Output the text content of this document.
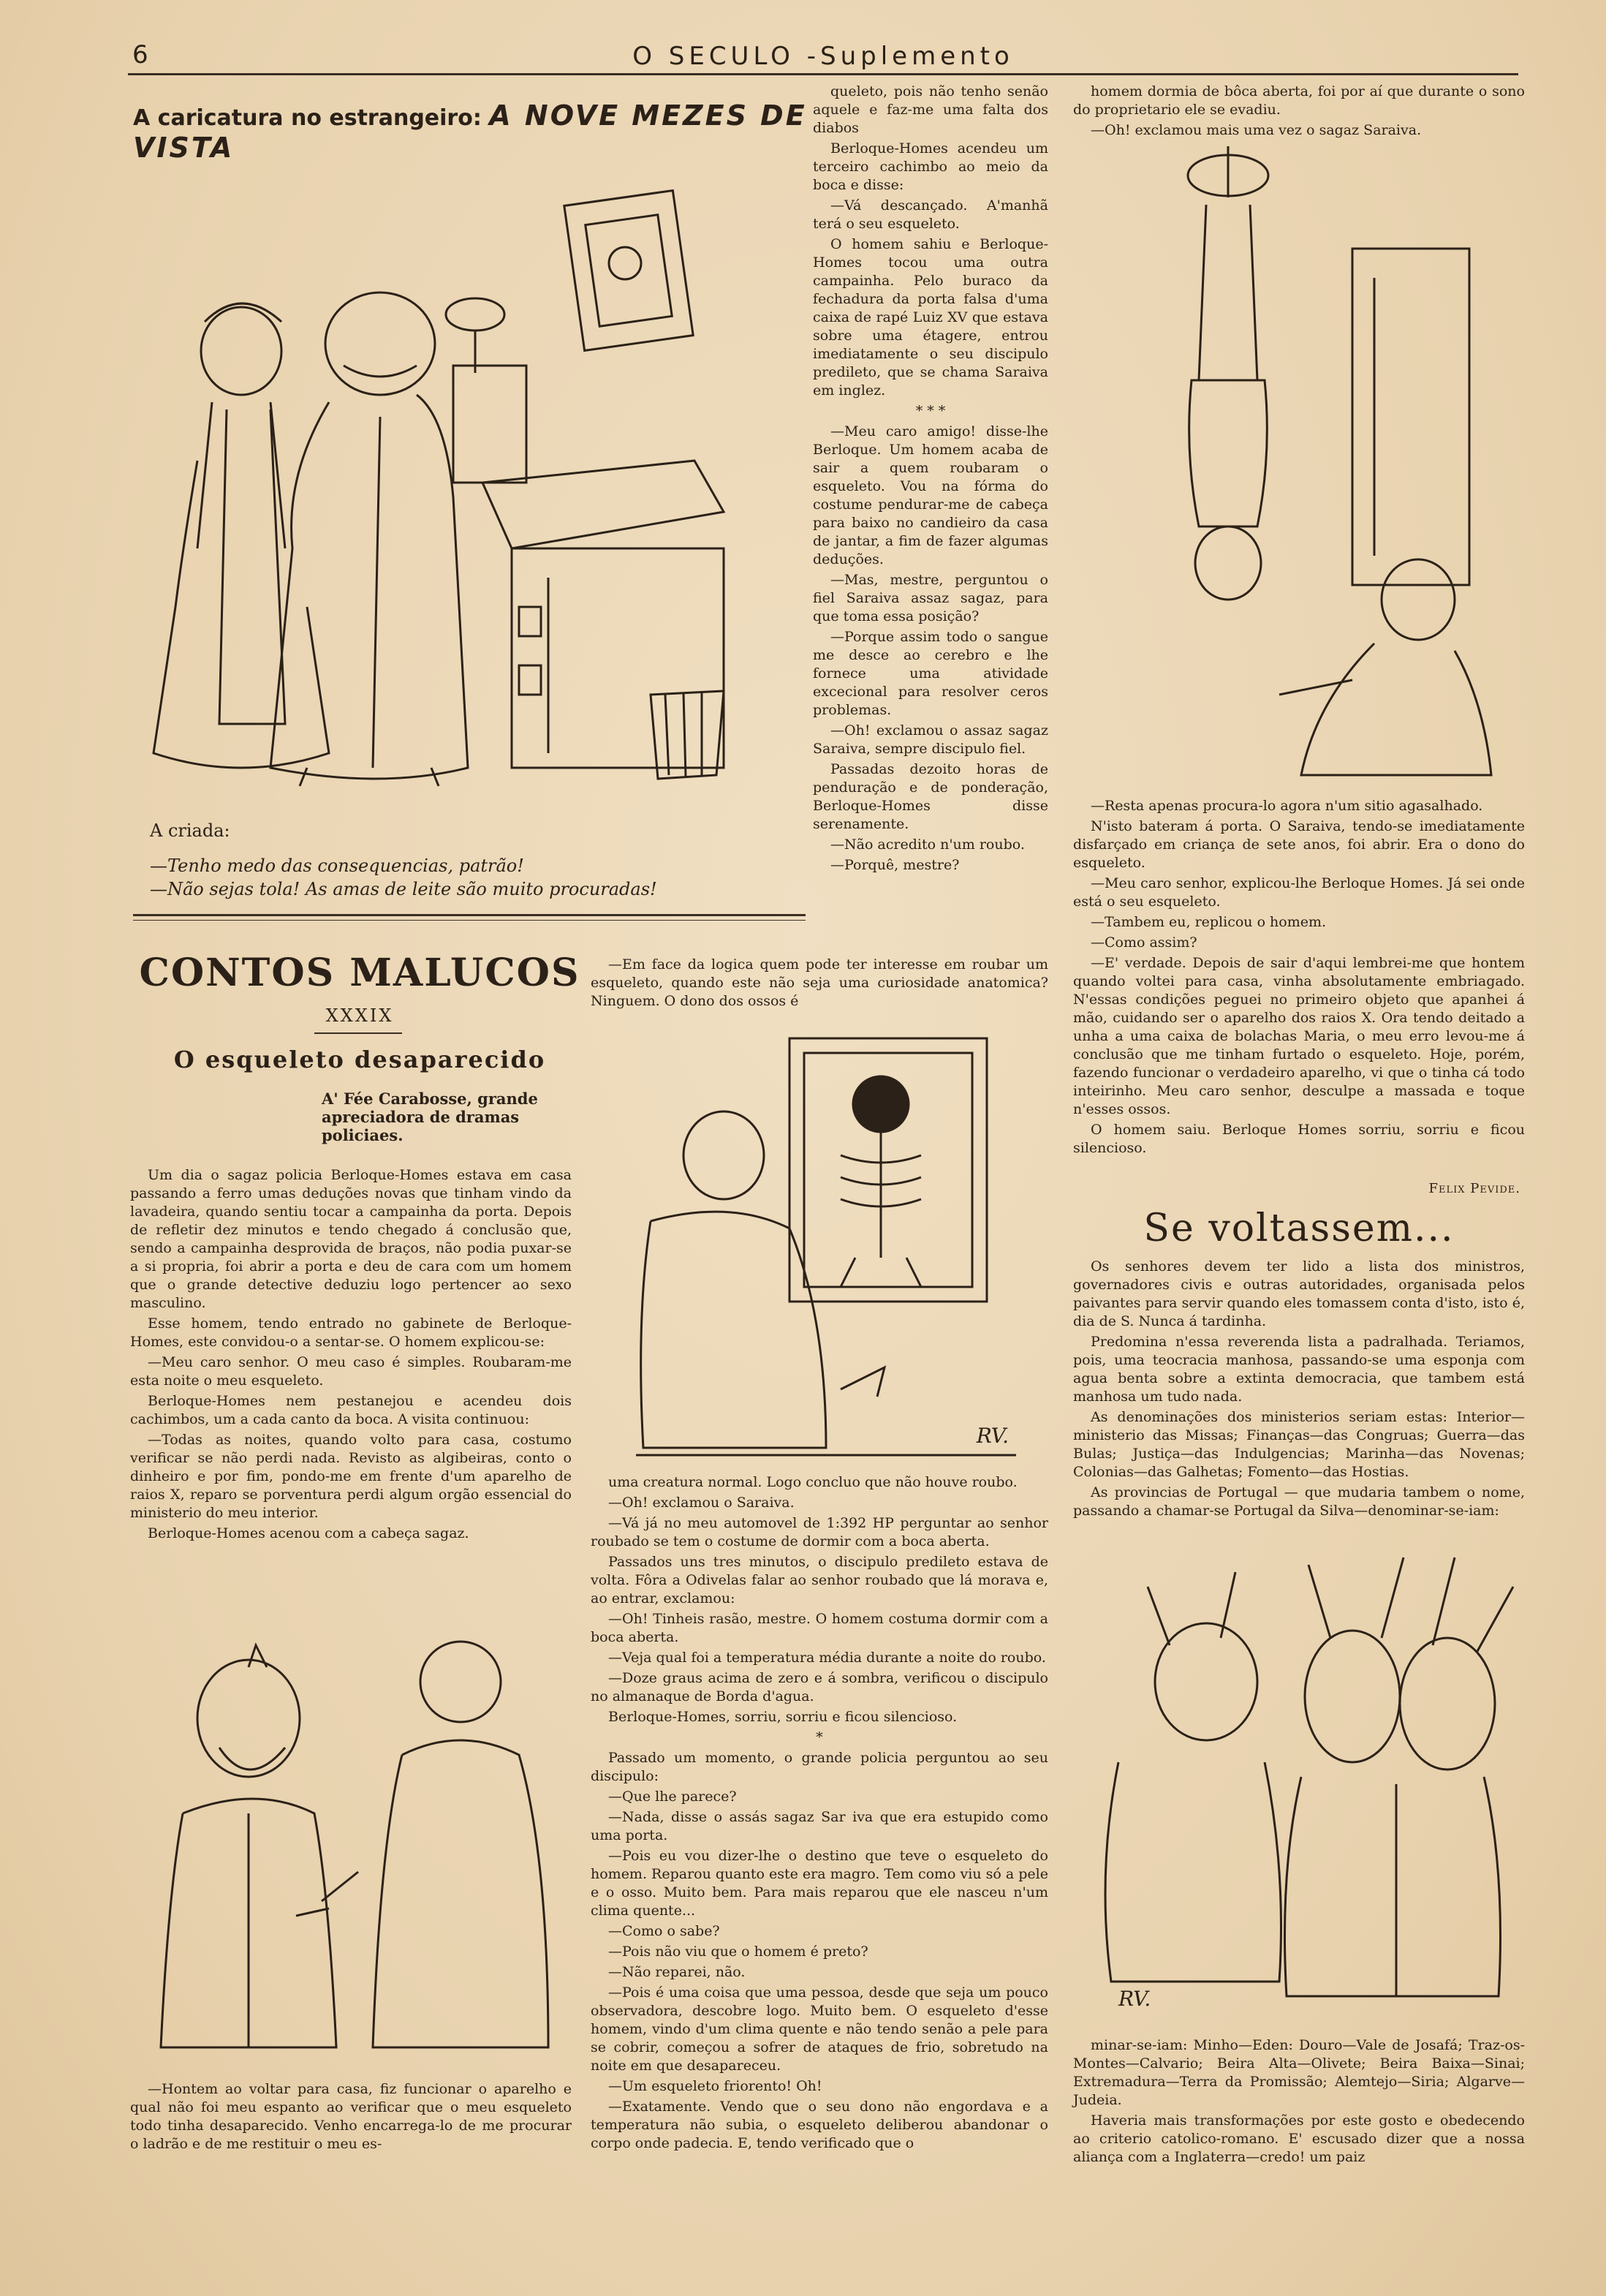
6	O SECULO -Suplemento
A caricatura no estrangeiro: A NOVE MEZES DE VISTA
A criada:
—Tenho medo das consequencias, patrão!
—Não sejas tola! As amas de leite são muito procuradas!
CONTOS MALUCOS
XXXIX
O esqueleto desaparecido
A' Fée Carabosse, grande apreciadora de dramas policiaes.

Um dia o sagaz policia Berloque-Homes estava em casa passando a ferro umas deduções novas que tinham vindo da lavadeira, quando sentiu tocar a campainha da porta. Depois de refletir dez minutos e tendo chegado á conclusão que, sendo a campainha desprovida de braços, não podia puxar-se a si propria, foi abrir a porta e deu de cara com um homem que o grande detective deduziu logo pertencer ao sexo masculino.

Esse homem, tendo entrado no gabinete de Berloque-Homes, este convidou-o a sentar-se. O homem explicou-se:

—Meu caro senhor. O meu caso é simples. Roubaram-me esta noite o meu esqueleto.

Berloque-Homes nem pestanejou e acendeu dois cachimbos, um a cada canto da boca. A visita continuou:

—Todas as noites, quando volto para casa, costumo verificar se não perdi nada. Revisto as algibeiras, conto o dinheiro e por fim, pondo-me em frente d'um aparelho de raios X, reparo se porventura perdi algum orgão essencial do ministerio do meu interior.

Berloque-Homes acenou com a cabeça sagaz.

—Hontem ao voltar para casa, fiz funcionar o aparelho e qual não foi meu espanto ao verificar que o meu esqueleto todo tinha desaparecido. Venho encarrega-lo de me procurar o ladrão e de me restituir o meu es-

queleto, pois não tenho senão aquele e faz-me uma falta dos diabos

Berloque-Homes acendeu um terceiro cachimbo ao meio da boca e disse:

—Vá descançado. A'manhã terá o seu esqueleto.

O homem sahiu e Berloque-Homes tocou uma outra campainha. Pelo buraco da fechadura da porta falsa d'uma caixa de rapé Luiz XV que estava sobre uma étagere, entrou imediatamente o seu discipulo predileto, que se chama Saraiva em inglez.

* * *

—Meu caro amigo! disse-lhe Berloque. Um homem acaba de sair a quem roubaram o esqueleto. Vou na fórma do costume pendurar-me de cabeça para baixo no candieiro da casa de jantar, a fim de fazer algumas deduções.

—Mas, mestre, perguntou o fiel Saraiva assaz sagaz, para que toma essa posição?

—Porque assim todo o sangue me desce ao cerebro e lhe fornece uma atividade excecional para resolver ceros problemas.

—Oh! exclamou o assaz sagaz Saraiva, sempre discipulo fiel.

Passadas dezoito horas de penduração e de ponderação, Berloque-Homes disse serenamente.

—Não acredito n'um roubo.

—Porquê, mestre?

—Em face da logica quem pode ter interesse em roubar um esqueleto, quando este não seja uma curiosidade anatomica? Ninguem. O dono dos ossos é

RV.

uma creatura normal. Logo concluo que não houve roubo.

—Oh! exclamou o Saraiva.

—Vá já no meu automovel de 1:392 HP perguntar ao senhor roubado se tem o costume de dormir com a boca aberta.

Passados uns tres minutos, o discipulo predileto estava de volta. Fôra a Odivelas falar ao senhor roubado que lá morava e, ao entrar, exclamou:

—Oh! Tinheis rasão, mestre. O homem costuma dormir com a boca aberta.

—Veja qual foi a temperatura média durante a noite do roubo.

—Doze graus acima de zero e á sombra, verificou o discipulo no almanaque de Borda d'agua.

Berloque-Homes, sorriu, sorriu e ficou silencioso.

*

Passado um momento, o grande policia perguntou ao seu discipulo:

—Que lhe parece?

—Nada, disse o assás sagaz Sar iva que era estupido como uma porta.

—Pois eu vou dizer-lhe o destino que teve o esqueleto do homem. Reparou quanto este era magro. Tem como viu só a pele e o osso. Muito bem. Para mais reparou que ele nasceu n'um clima quente...

—Como o sabe?

—Pois não viu que o homem é preto?

—Não reparei, não.

—Pois é uma coisa que uma pessoa, desde que seja um pouco observadora, descobre logo. Muito bem. O esqueleto d'esse homem, vindo d'um clima quente e não tendo senão a pele para se cobrir, começou a sofrer de ataques de frio, sobretudo na noite em que desapareceu.

—Um esqueleto friorento! Oh!

—Exatamente. Vendo que o seu dono não engordava e a temperatura não subia, o esqueleto deliberou abandonar o corpo onde padecia. E, tendo verificado que o

homem dormia de bôca aberta, foi por aí que durante o sono do proprietario ele se evadiu.

—Oh! exclamou mais uma vez o sagaz Saraiva.

—Resta apenas procura-lo agora n'um sitio agasalhado.

N'isto bateram á porta. O Saraiva, tendo-se imediatamente disfarçado em criança de sete anos, foi abrir. Era o dono do esqueleto.

—Meu caro senhor, explicou-lhe Berloque Homes. Já sei onde está o seu esqueleto.

—Tambem eu, replicou o homem.

—Como assim?

—E' verdade. Depois de sair d'aqui lembrei-me que hontem quando voltei para casa, vinha absolutamente embriagado. N'essas condições peguei no primeiro objeto que apanhei á mão, cuidando ser o aparelho dos raios X. Ora tendo deitado a unha a uma caixa de bolachas Maria, o meu erro levou-me á conclusão que me tinham furtado o esqueleto. Hoje, porém, fazendo funcionar o verdadeiro aparelho, vi que o tinha cá todo inteirinho. Meu caro senhor, desculpe a massada e toque n'esses ossos.

O homem saiu. Berloque Homes sorriu, sorriu e ficou silencioso.

Felix Pevide.
Se voltassem...

Os senhores devem ter lido a lista dos ministros, governadores civis e outras autoridades, organisada pelos paivantes para servir quando eles tomassem conta d'isto, isto é, dia de S. Nunca á tardinha.

Predomina n'essa reverenda lista a padralhada. Teriamos, pois, uma teocracia manhosa, passando-se uma esponja com agua benta sobre a extinta democracia, que tambem está manhosa um tudo nada.

As denominações dos ministerios seriam estas: Interior—ministerio das Missas; Finanças—das Congruas; Guerra—das Bulas; Justiça—das Indulgencias; Marinha—das Novenas; Colonias—das Galhetas; Fomento—das Hostias.

As provincias de Portugal — que mudaria tambem o nome, passando a chamar-se Portugal da Silva—denominar-se-iam:

RV.

minar-se-iam: Minho—Eden: Douro—Vale de Josafá; Traz-os-Montes—Calvario; Beira Alta—Olivete; Beira Baixa—Sinai; Extremadura—Terra da Promissão; Alemtejo—Siria; Algarve—Judeia.

Haveria mais transformações por este gosto e obedecendo ao criterio catolico-romano. E' escusado dizer que a nossa aliança com a Inglaterra—credo! um paiz
